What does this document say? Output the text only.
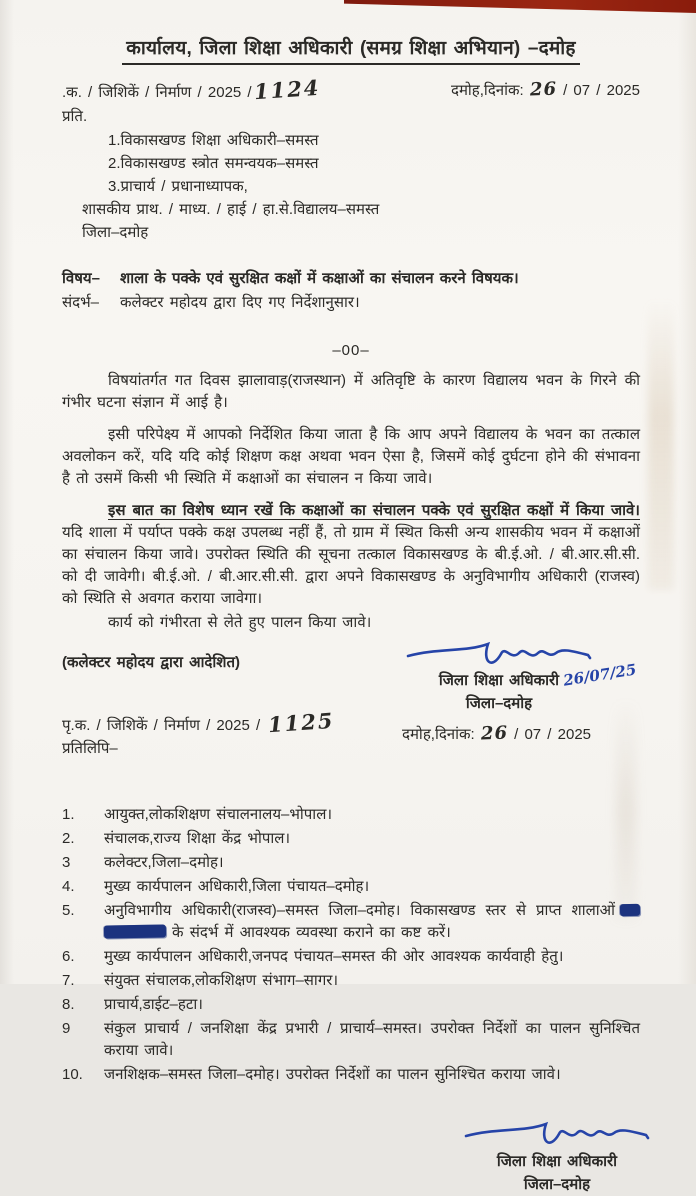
कार्यालय, जिला शिक्षा अधिकारी (समग्र शिक्षा अभियान) –दमोह
.क. / जिशिकें / निर्माण / 2025 /1124	दमोह,दिनांक: 26 / 07 / 2025
प्रति.
1.विकासखण्ड शिक्षा अधिकारी–समस्त
2.विकासखण्ड स्त्रोत समन्वयक–समस्त
3.प्राचार्य / प्रधानाध्यापक,
शासकीय प्राथ. / माध्य. / हाई / हा.से.विद्यालय–समस्त
जिला–दमोह
विषय– शाला के पक्के एवं सुरक्षित कक्षों में कक्षाओं का संचालन करने विषयक।
संदर्भ– कलेक्टर महोदय द्वारा दिए गए निर्देशानुसार।
–00–

विषयांतर्गत गत दिवस झालावाड़(राजस्थान) में अतिवृष्टि के कारण विद्यालय भवन के गिरने की गंभीर घटना संज्ञान में आई है।

इसी परिपेक्ष्य में आपको निर्देशित किया जाता है कि आप अपने विद्यालय के भवन का तत्काल अवलोकन करें, यदि यदि कोई शिक्षण कक्ष अथवा भवन ऐसा है, जिसमें कोई दुर्घटना होने की संभावना है तो उसमें किसी भी स्थिति में कक्षाओं का संचालन न किया जावे।

इस बात का विशेष ध्यान रखें कि कक्षाओं का संचालन पक्के एवं सुरक्षित कक्षों में किया जावे। यदि शाला में पर्याप्त पक्के कक्ष उपलब्ध नहीं हैं, तो ग्राम में स्थित किसी अन्य शासकीय भवन में कक्षाओं का संचालन किया जावे। उपरोक्त स्थिति की सूचना तत्काल विकासखण्ड के बी.ई.ओ. / बी.आर.सी.सी. को दी जावेगी। बी.ई.ओ. / बी.आर.सी.सी. द्वारा अपने विकासखण्ड के अनुविभागीय अधिकारी (राजस्व) को स्थिति से अवगत कराया जावेगा।

कार्य को गंभीरता से लेते हुए पालन किया जावे।

(कलेक्टर महोदय द्वारा आदेशित)
जिला शिक्षा अधिकारी 26/07/25
जिला–दमोह
दमोह,दिनांक: 26 / 07 / 2025
पृ.क. / जिशिकें / निर्माण / 2025 / 1125
प्रतिलिपि–
1.	आयुक्त,लोकशिक्षण संचालनालय–भोपाल।
2.	संचालक,राज्य शिक्षा केंद्र भोपाल।
3	कलेक्टर,जिला–दमोह।
4.	मुख्य कार्यपालन अधिकारी,जिला पंचायत–दमोह।
5.	अनुविभागीय अधिकारी(राजस्व)–समस्त जिला–दमोह। विकासखण्ड स्तर से प्राप्त शालाओं के संदर्भ में आवश्यक व्यवस्था कराने का कष्ट करें।
6.	मुख्य कार्यपालन अधिकारी,जनपद पंचायत–समस्त की ओर आवश्यक कार्यवाही हेतु।
7.	संयुक्त संचालक,लोकशिक्षण संभाग–सागर।
8.	प्राचार्य,डाईट–हटा।
9	संकुल प्राचार्य / जनशिक्षा केंद्र प्रभारी / प्राचार्य–समस्त। उपरोक्त निर्देशों का पालन सुनिश्चित कराया जावे।
10.	जनशिक्षक–समस्त जिला–दमोह। उपरोक्त निर्देशों का पालन सुनिश्चित कराया जावे।
जिला शिक्षा अधिकारी
जिला–दमोह
